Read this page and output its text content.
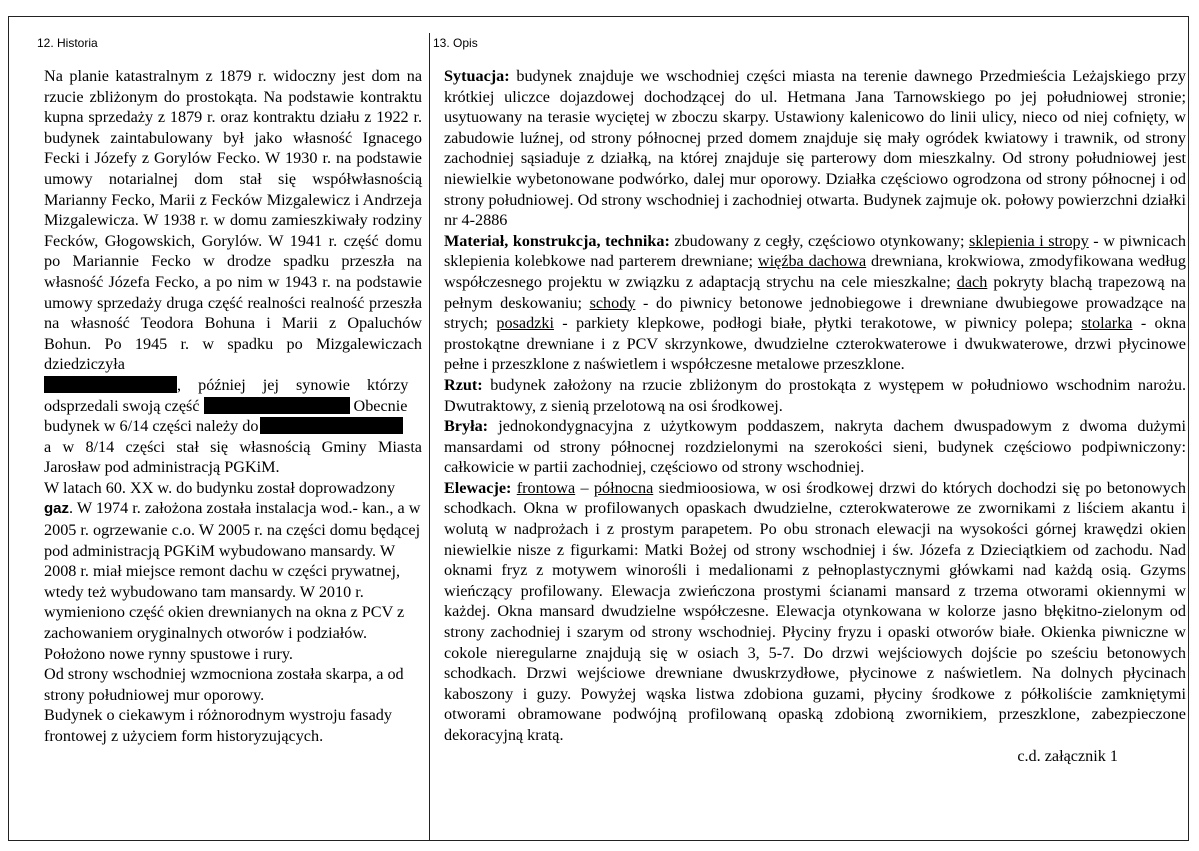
12. Historia	13. Opis

Na planie katastralnym z 1879 r. widoczny jest dom na rzucie zbliżonym do prostokąta. Na podstawie kontraktu kupna sprzedaży z 1879 r. oraz kontraktu działu z 1922 r. budynek zaintabulowany był jako własność Ignacego Fecki i Józefy z Gorylów Fecko. W 1930 r. na podstawie umowy notarialnej dom stał się współwłasnością Marianny Fecko, Marii z Fecków Mizgalewicz i Andrzeja Mizgalewicza. W 1938 r. w domu zamieszkiwały rodziny Fecków, Głogowskich, Gorylów. W 1941 r. część domu po Mariannie Fecko w drodze spadku przeszła na własność Józefa Fecko, a po nim w 1943 r. na podstawie umowy sprzedaży druga część realności realność przeszła na własność Teodora Bohuna i Marii z Opaluchów Bohun. Po 1945 r. w spadku po Mizgalewiczach dziedziczyła

, później jej synowie którzy
odsprzedali swoją część	Obecnie
budynek w 6/14 części należy do

a w 8/14 części stał się własnością Gminy Miasta Jarosław pod administracją PGKiM.

W latach 60. XX w. do budynku został doprowadzony gaz. W 1974 r. założona została instalacja wod.- kan., a w 2005 r. ogrzewanie c.o. W 2005 r. na części domu będącej pod administracją PGKiM wybudowano mansardy. W 2008 r. miał miejsce remont dachu w części prywatnej, wtedy też wybudowano tam mansardy. W 2010 r. wymieniono część okien drewnianych na okna z PCV z zachowaniem oryginalnych otworów i podziałów. Położono nowe rynny spustowe i rury.

Od strony wschodniej wzmocniona została skarpa, a od strony południowej mur oporowy.

Budynek o ciekawym i różnorodnym wystroju fasady frontowej z użyciem form historyzujących.

Sytuacja: budynek znajduje we wschodniej części miasta na terenie dawnego Przedmieścia Leżajskiego przy krótkiej uliczce dojazdowej dochodzącej do ul. Hetmana Jana Tarnowskiego po jej południowej stronie; usytuowany na terasie wyciętej w zboczu skarpy. Ustawiony kalenicowo do linii ulicy, nieco od niej cofnięty, w zabudowie luźnej, od strony północnej przed domem znajduje się mały ogródek kwiatowy i trawnik, od strony zachodniej sąsiaduje z działką, na której znajduje się parterowy dom mieszkalny. Od strony południowej jest niewielkie wybetonowane podwórko, dalej mur oporowy. Działka częściowo ogrodzona od strony północnej i od strony południowej. Od strony wschodniej i zachodniej otwarta. Budynek zajmuje ok. połowy powierzchni działki nr 4-2886

Materiał, konstrukcja, technika: zbudowany z cegły, częściowo otynkowany; sklepienia i stropy - w piwnicach sklepienia kolebkowe nad parterem drewniane; więźba dachowa drewniana, krokwiowa, zmodyfikowana według współczesnego projektu w związku z adaptacją strychu na cele mieszkalne; dach pokryty blachą trapezową na pełnym deskowaniu; schody - do piwnicy betonowe jednobiegowe i drewniane dwubiegowe prowadzące na strych; posadzki - parkiety klepkowe, podłogi białe, płytki terakotowe, w piwnicy polepa; stolarka - okna prostokątne drewniane i z PCV skrzynkowe, dwudzielne czterokwaterowe i dwukwaterowe, drzwi płycinowe pełne i przeszklone z naświetlem i współczesne metalowe przeszklone.

Rzut: budynek założony na rzucie zbliżonym do prostokąta z występem w południowo wschodnim narożu. Dwutraktowy, z sienią przelotową na osi środkowej.

Bryła: jednokondygnacyjna z użytkowym poddaszem, nakryta dachem dwuspadowym z dwoma dużymi mansardami od strony północnej rozdzielonymi na szerokości sieni, budynek częściowo podpiwniczony: całkowicie w partii zachodniej, częściowo od strony wschodniej.

Elewacje: frontowa – północna siedmioosiowa, w osi środkowej drzwi do których dochodzi się po betonowych schodkach. Okna w profilowanych opaskach dwudzielne, czterokwaterowe ze zwornikami z liściem akantu i wolutą w nadprożach i z prostym parapetem. Po obu stronach elewacji na wysokości górnej krawędzi okien niewielkie nisze z figurkami: Matki Bożej od strony wschodniej i św. Józefa z Dzieciątkiem od zachodu. Nad oknami fryz z motywem winorośli i medalionami z pełnoplastycznymi główkami nad każdą osią. Gzyms wieńczący profilowany. Elewacja zwieńczona prostymi ścianami mansard z trzema otworami okiennymi w każdej. Okna mansard dwudzielne współczesne. Elewacja otynkowana w kolorze jasno błękitno-zielonym od strony zachodniej i szarym od strony wschodniej. Płyciny fryzu i opaski otworów białe. Okienka piwniczne w cokole nieregularne znajdują się w osiach 3, 5-7. Do drzwi wejściowych dojście po sześciu betonowych schodkach. Drzwi wejściowe drewniane dwuskrzydłowe, płycinowe z naświetlem. Na dolnych płycinach kaboszony i guzy. Powyżej wąska listwa zdobiona guzami, płyciny środkowe z półkoliście zamkniętymi otworami obramowane podwójną profilowaną opaską zdobioną zwornikiem, przeszklone, zabezpieczone dekoracyjną kratą.

c.d. załącznik 1
